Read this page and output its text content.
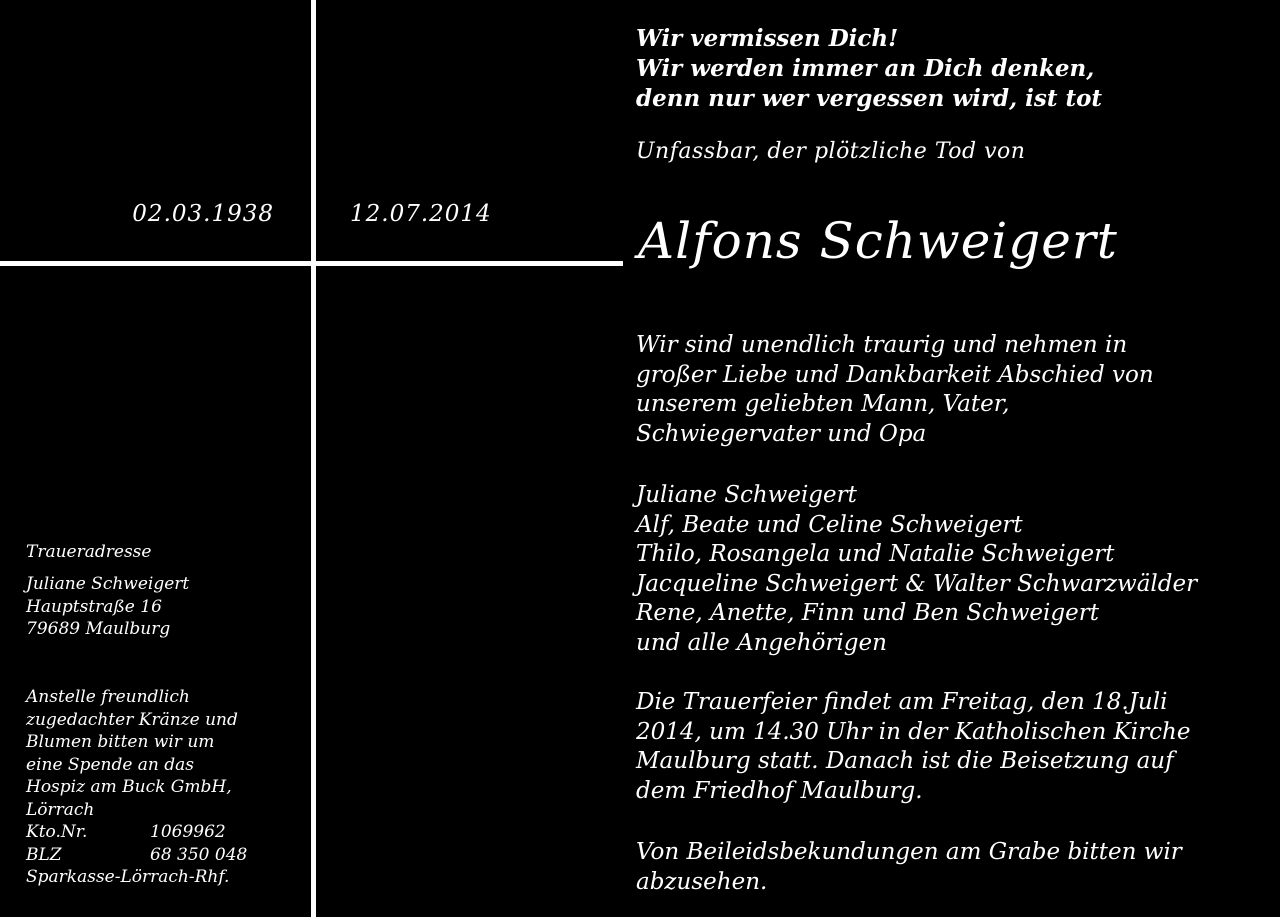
02.03.1938	12.07.2014
Wir vermissen Dich!
Wir werden immer an Dich denken,
denn nur wer vergessen wird, ist tot
Unfassbar, der plötzliche Tod von
Alfons Schweigert
Wir sind unendlich traurig und nehmen in
großer Liebe und Dankbarkeit Abschied von
unserem geliebten Mann, Vater,
Schwiegervater und Opa
Juliane Schweigert
Alf, Beate und Celine Schweigert
Thilo, Rosangela und Natalie Schweigert
Jacqueline Schweigert & Walter Schwarzwälder
Rene, Anette, Finn und Ben Schweigert
und alle Angehörigen
Die Trauerfeier findet am Freitag, den 18.Juli
2014, um 14.30 Uhr in der Katholischen Kirche
Maulburg statt. Danach ist die Beisetzung auf
dem Friedhof Maulburg.
Von Beileidsbekundungen am Grabe bitten wir
abzusehen.
Traueradresse
Juliane Schweigert
Hauptstraße 16
79689 Maulburg
Anstelle freundlich
zugedachter Kränze und
Blumen bitten wir um
eine Spende an das
Hospiz am Buck GmbH,
Lörrach
Kto.Nr.	1069962
BLZ	68 350 048
Sparkasse-Lörrach-Rhf.
